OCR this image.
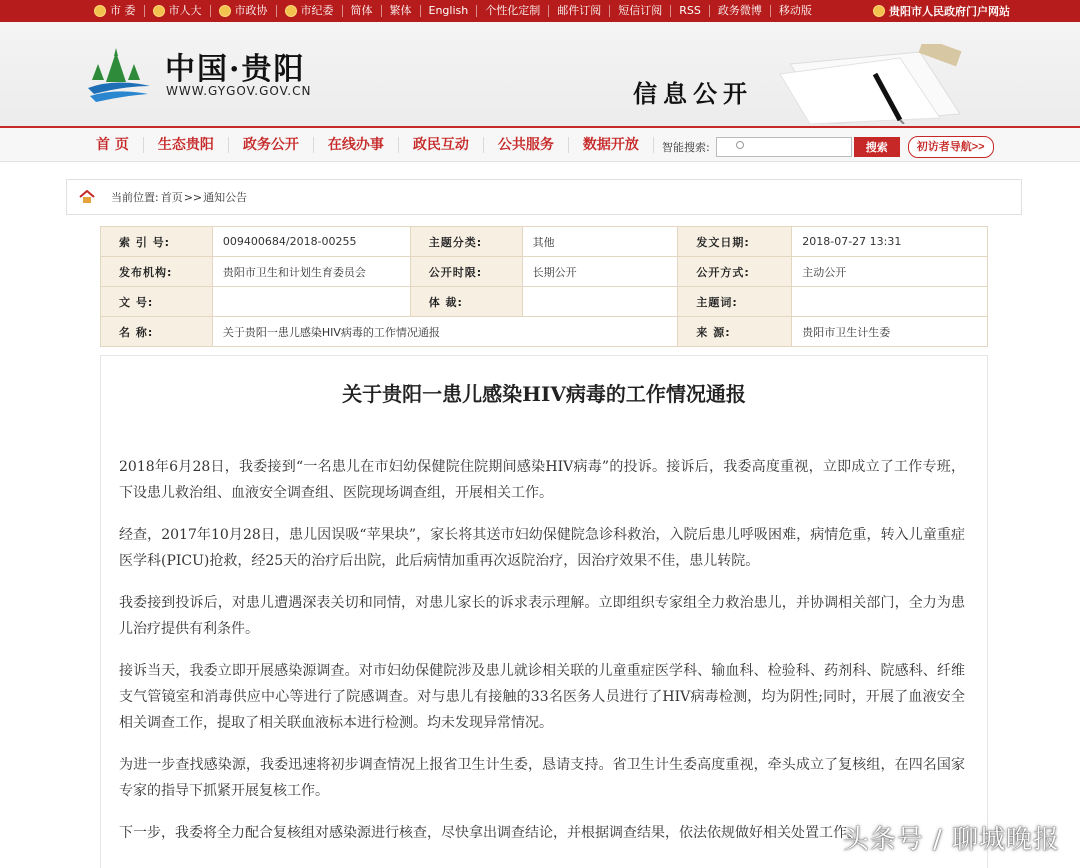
市 委	市人大	市政协	市纪委	简体	繁体	English	个性化定制	邮件订阅	短信订阅	RSS	政务微博	移动版	贵阳市人民政府门户网站
中国·贵阳
WWW.GYGOV.GOV.CN	信息公开
首 页	生态贵阳	政务公开	在线办事	政民互动	公共服务	数据开放	智能搜索:	搜索	初访者导航>>
当前位置: 首页 >> 通知公告
索 引 号:	009400684/2018-00255	主题分类:	其他	发文日期:	2018-07-27 13:31
发布机构:	贵阳市卫生和计划生育委员会	公开时限:	长期公开	公开方式:	主动公开
文 号:		体 裁:		主题词:	
名 称:	关于贵阳一患儿感染HIV病毒的工作情况通报			来 源:	贵阳市卫生计生委
关于贵阳一患儿感染HIV病毒的工作情况通报

2018年6月28日，我委接到“一名患儿在市妇幼保健院住院期间感染HIV病毒”的投诉。接诉后，我委高度重视，立即成立了工作专班，下设患儿救治组、血液安全调查组、医院现场调查组，开展相关工作。

经查，2017年10月28日，患儿因误吸“苹果块”，家长将其送市妇幼保健院急诊科救治，入院后患儿呼吸困难，病情危重，转入儿童重症医学科(PICU)抢救，经25天的治疗后出院，此后病情加重再次返院治疗，因治疗效果不佳，患儿转院。

我委接到投诉后，对患儿遭遇深表关切和同情，对患儿家长的诉求表示理解。立即组织专家组全力救治患儿，并协调相关部门，全力为患儿治疗提供有利条件。

接诉当天，我委立即开展感染源调查。对市妇幼保健院涉及患儿就诊相关联的儿童重症医学科、输血科、检验科、药剂科、院感科、纤维支气管镜室和消毒供应中心等进行了院感调查。对与患儿有接触的33名医务人员进行了HIV病毒检测，均为阴性;同时，开展了血液安全相关调查工作，提取了相关联血液标本进行检测。均未发现异常情况。

为进一步查找感染源，我委迅速将初步调查情况上报省卫生计生委，恳请支持。省卫生计生委高度重视，牵头成立了复核组，在四名国家专家的指导下抓紧开展复核工作。

下一步，我委将全力配合复核组对感染源进行核查，尽快拿出调查结论，并根据调查结果，依法依规做好相关处置工作。

头条号 / 聊城晚报
